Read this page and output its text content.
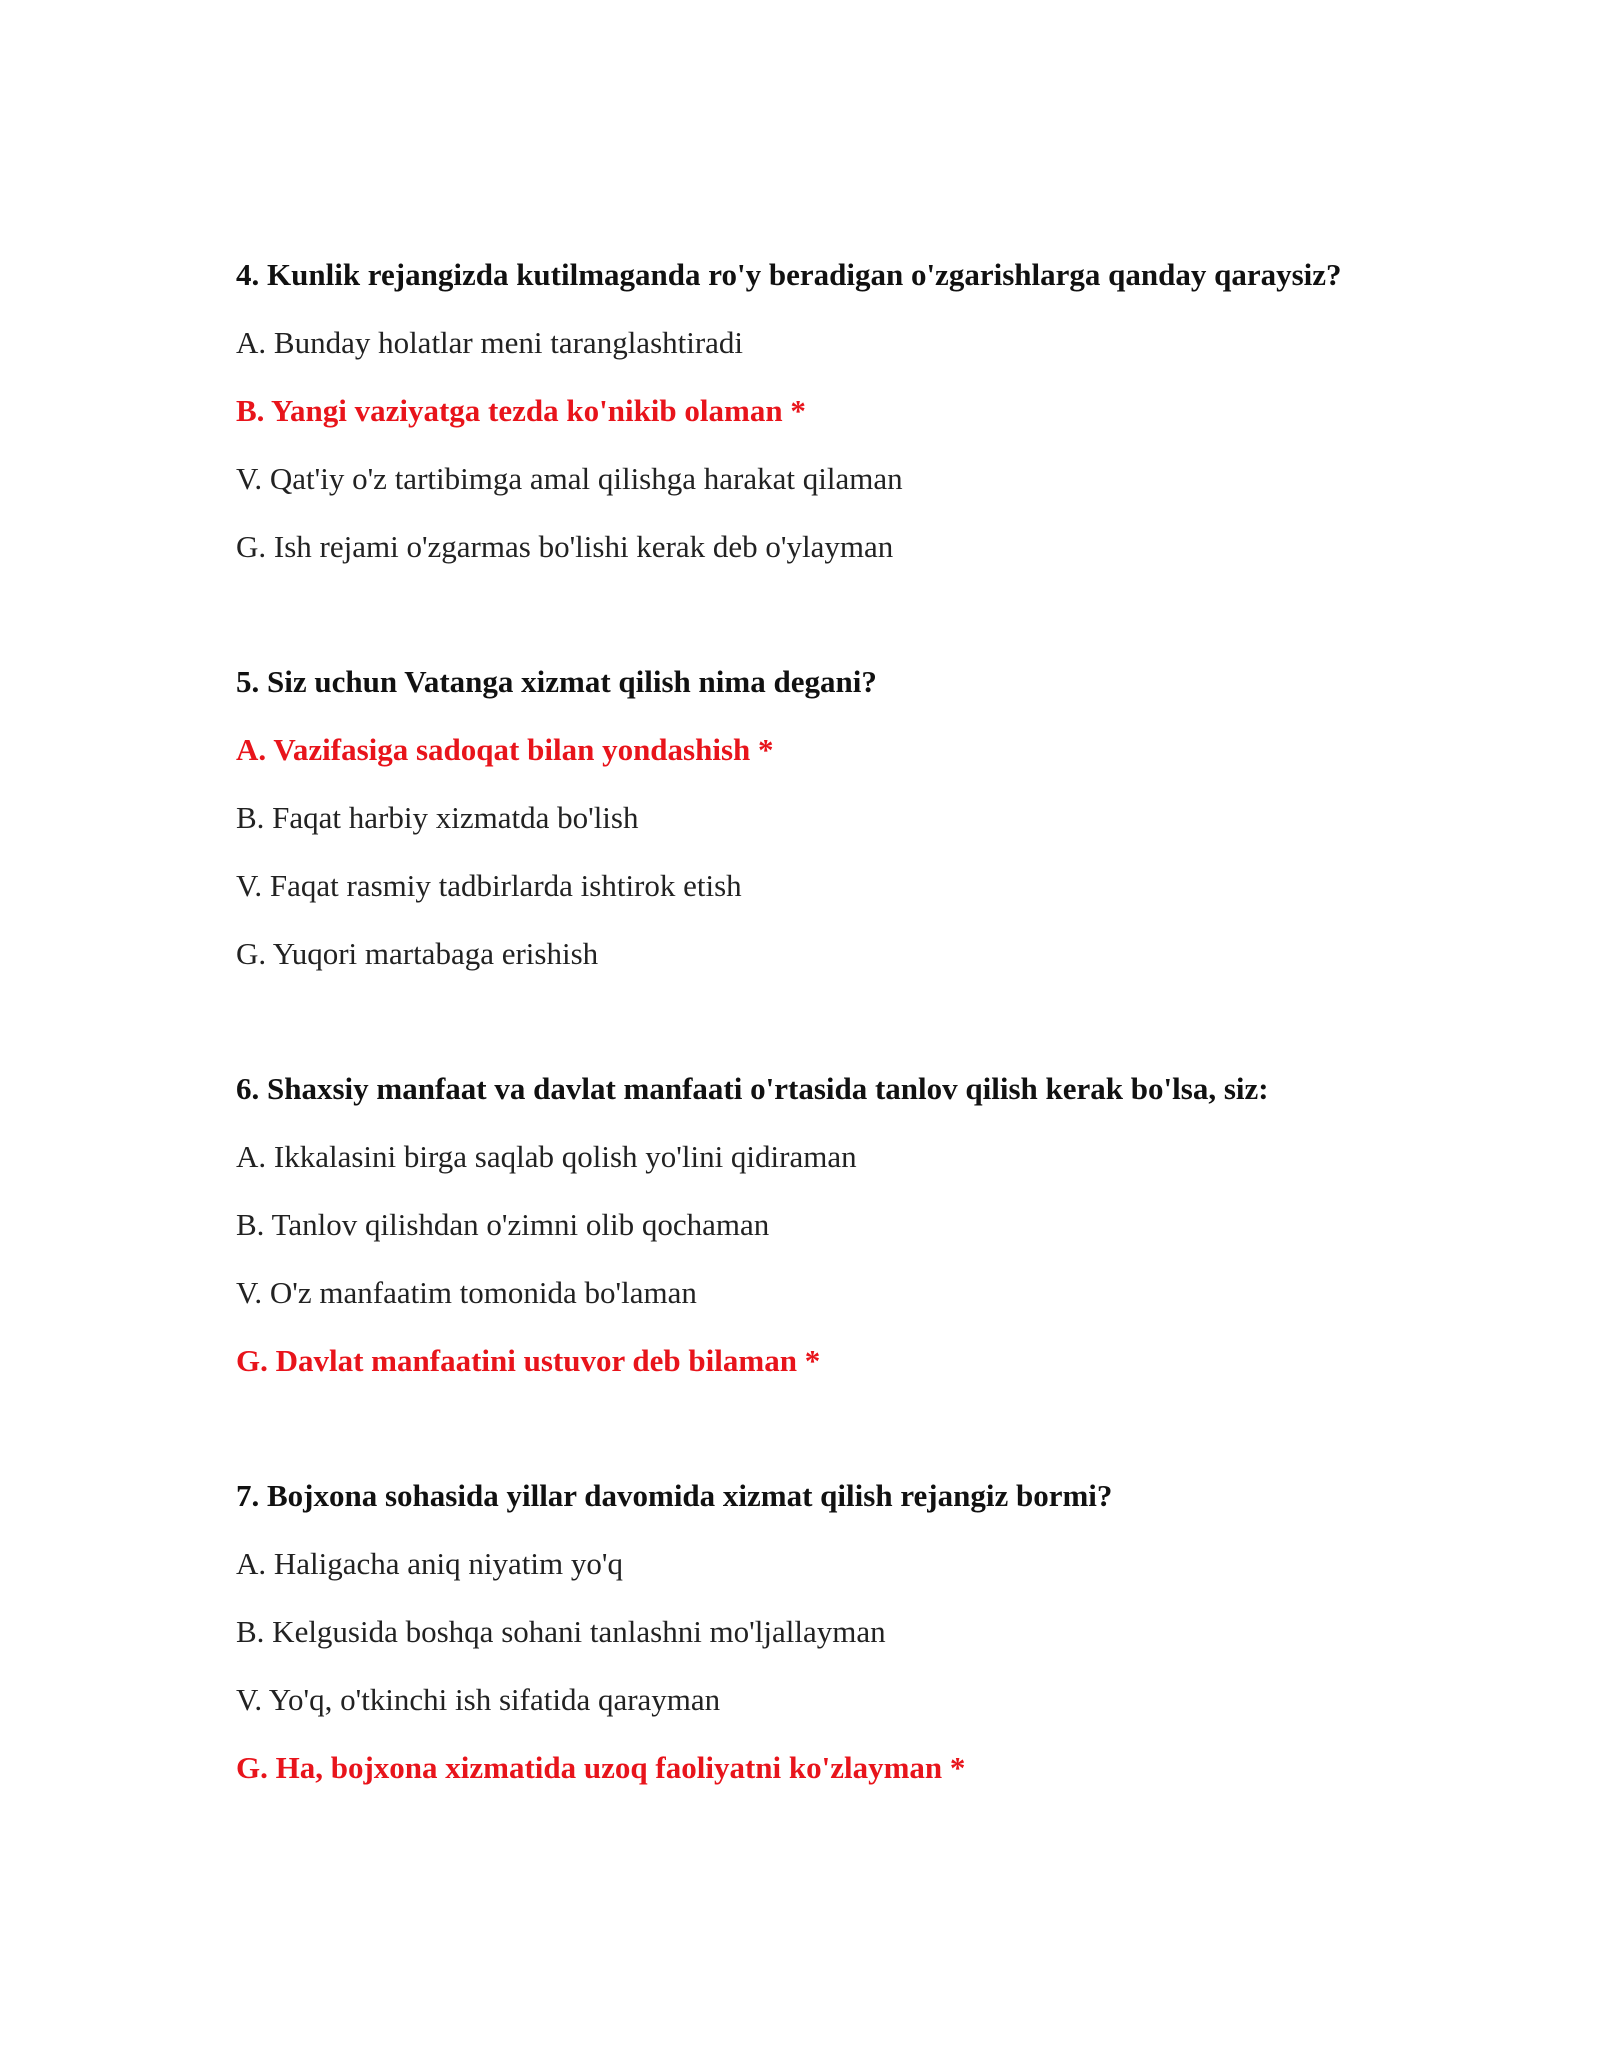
4. Kunlik rejangizda kutilmaganda ro'y beradigan o'zgarishlarga qanday qaraysiz?

A. Bunday holatlar meni taranglashtiradi

B. Yangi vaziyatga tezda ko'nikib olaman *

V. Qat'iy o'z tartibimga amal qilishga harakat qilaman

G. Ish rejami o'zgarmas bo'lishi kerak deb o'ylayman

5. Siz uchun Vatanga xizmat qilish nima degani?

A. Vazifasiga sadoqat bilan yondashish *

B. Faqat harbiy xizmatda bo'lish

V. Faqat rasmiy tadbirlarda ishtirok etish

G. Yuqori martabaga erishish

6. Shaxsiy manfaat va davlat manfaati o'rtasida tanlov qilish kerak bo'lsa, siz:

A. Ikkalasini birga saqlab qolish yo'lini qidiraman

B. Tanlov qilishdan o'zimni olib qochaman

V. O'z manfaatim tomonida bo'laman

G. Davlat manfaatini ustuvor deb bilaman *

7. Bojxona sohasida yillar davomida xizmat qilish rejangiz bormi?

A. Haligacha aniq niyatim yo'q

B. Kelgusida boshqa sohani tanlashni mo'ljallayman

V. Yo'q, o'tkinchi ish sifatida qarayman

G. Ha, bojxona xizmatida uzoq faoliyatni ko'zlayman *
